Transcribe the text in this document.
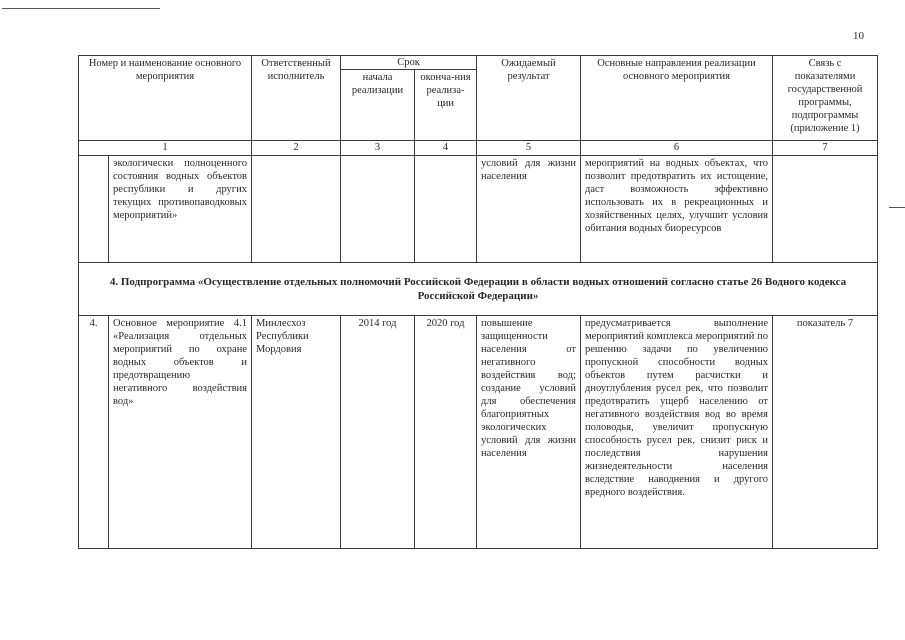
10
Номер и наименование основного мероприятия		Ответственный исполнитель	Срок		Ожидаемый результат	Основные направления реализации основного мероприятия	Связь с показателями государственной программы, подпрограммы (приложение 1)
			начала реализации	оконча-ния реализа-ции			
1		2	3	4	5	6	7
	экологически полноценного состояния водных объектов республики и других текущих противопаводковых мероприятий»				условий для жизни населения	мероприятий на водных объектах, что позволит предотвратить их истощение, даст возможность эффективно использовать их в рекреационных и хозяйственных целях, улучшит условия обитания водных биоресурсов	
4. Подпрограмма «Осуществление отдельных полномочий Российской Федерации в области водных отношений согласно статье 26 Водного кодекса Российской Федерации»							
4.	Основное мероприятие 4.1 «Реализация отдельных мероприятий по охране водных объектов и предотвращению негативного воздействия вод»	Минлесхоз Республики Мордовия	2014 год	2020 год	повышение защищенности населения от негативного воздействия вод; создание условий для обеспечения благоприятных экологических условий для жизни населения	предусматривается выполнение мероприятий комплекса мероприятий по решению задачи по увеличению пропускной способности водных объектов путем расчистки и дноуглубления русел рек, что позволит предотвратить ущерб населению от негативного воздействия вод во время половодья, увеличит пропускную способность русел рек, снизит риск и последствия нарушения жизнедеятельности населения вследствие наводнения и другого вредного воздействия.	показатель 7
